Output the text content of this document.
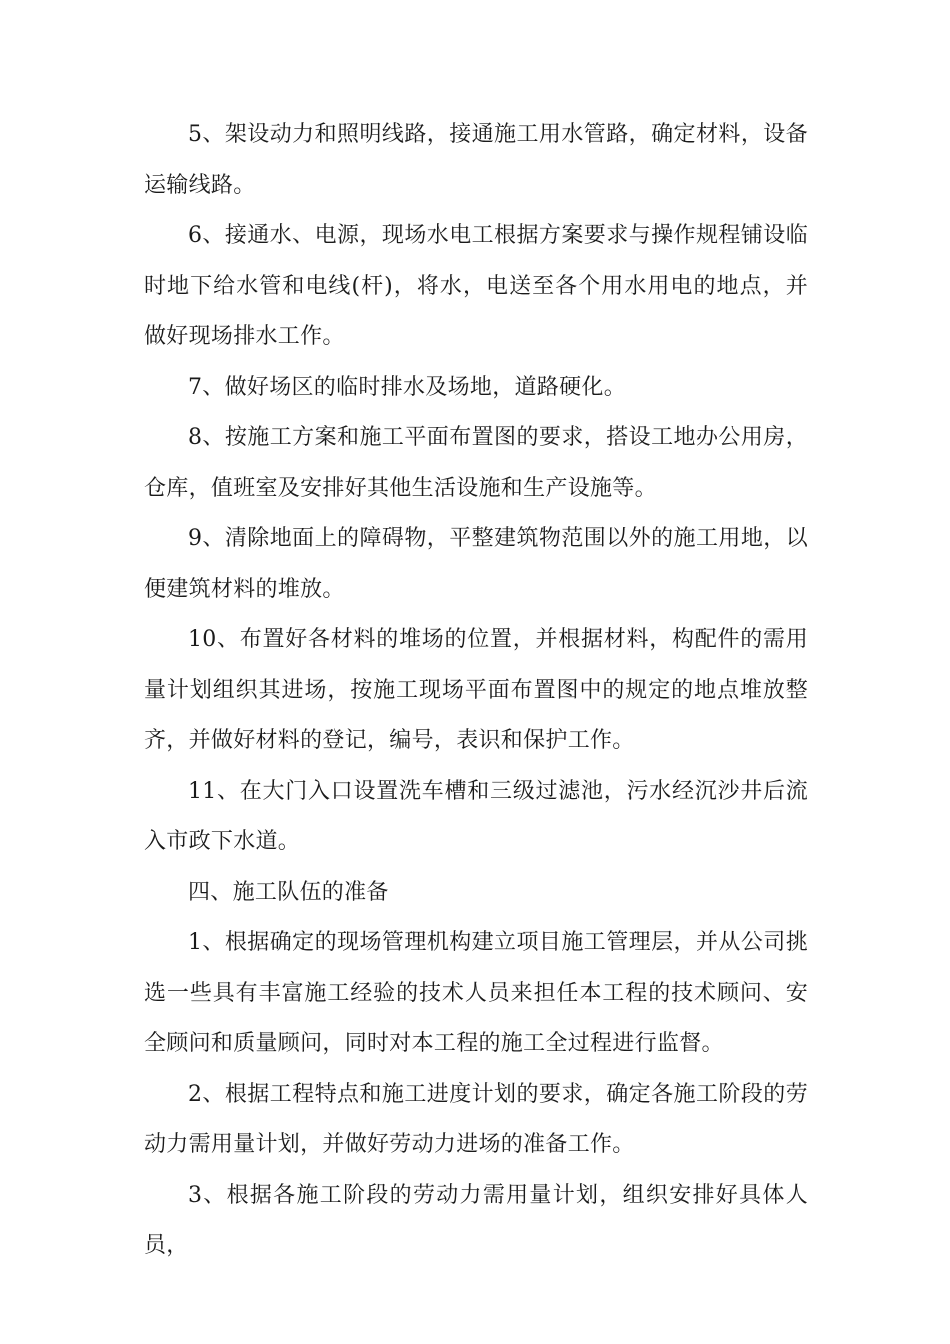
5、架设动力和照明线路，接通施工用水管路，确定材料，设备运输线路。

6、接通水、电源，现场水电工根据方案要求与操作规程铺设临时地下给水管和电线(杆)，将水，电送至各个用水用电的地点，并做好现场排水工作。

7、做好场区的临时排水及场地，道路硬化。

8、按施工方案和施工平面布置图的要求，搭设工地办公用房，仓库，值班室及安排好其他生活设施和生产设施等。

9、清除地面上的障碍物，平整建筑物范围以外的施工用地，以便建筑材料的堆放。

10、布置好各材料的堆场的位置，并根据材料，构配件的需用量计划组织其进场，按施工现场平面布置图中的规定的地点堆放整齐，并做好材料的登记，编号，表识和保护工作。

11、在大门入口设置洗车槽和三级过滤池，污水经沉沙井后流入市政下水道。

四、施工队伍的准备

1、根据确定的现场管理机构建立项目施工管理层，并从公司挑选一些具有丰富施工经验的技术人员来担任本工程的技术顾问、安全顾问和质量顾问，同时对本工程的施工全过程进行监督。

2、根据工程特点和施工进度计划的要求，确定各施工阶段的劳动力需用量计划，并做好劳动力进场的准备工作。

3、根据各施工阶段的劳动力需用量计划，组织安排好具体人员，
